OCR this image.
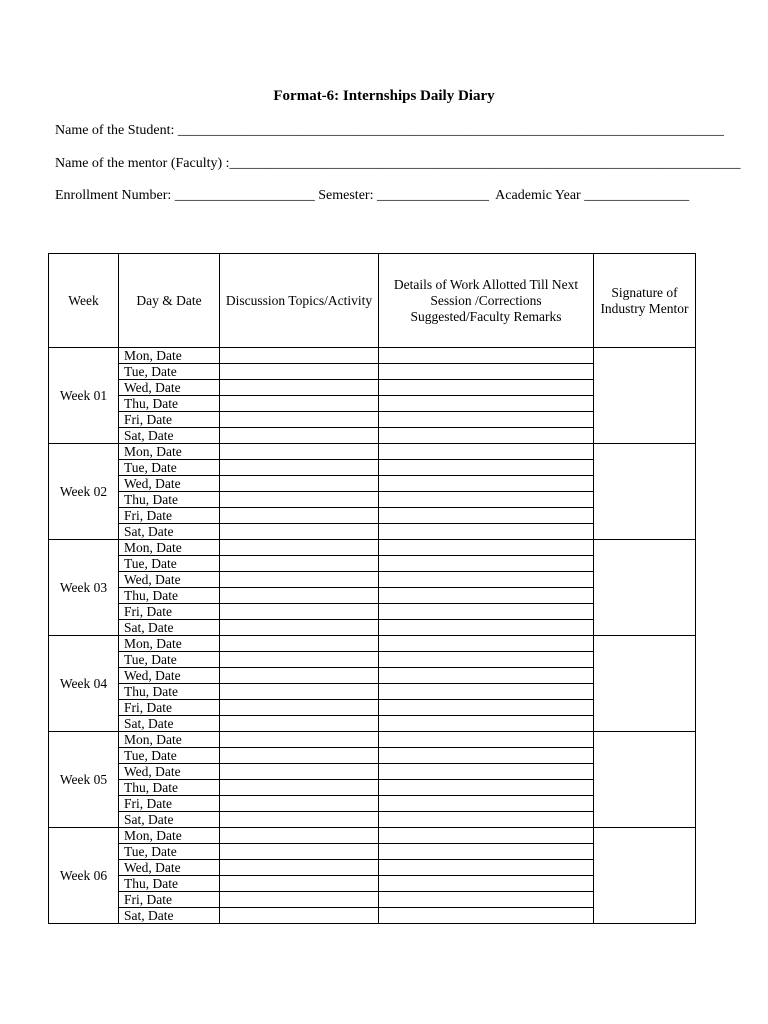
Format-6: Internships Daily Diary
Name of the Student: ______________________________________________________________________________
Name of the mentor (Faculty) :_________________________________________________________________________
Enrollment Number: ____________________ Semester: ________________  Academic Year _______________
Week	Day & Date	Discussion Topics/Activity	Details of Work Allotted Till Next Session /Corrections Suggested/Faculty Remarks	Signature of Industry Mentor
Week 01	Mon, Date			
	Tue, Date			
	Wed, Date			
	Thu, Date			
	Fri, Date			
	Sat, Date			
Week 02	Mon, Date			
	Tue, Date			
	Wed, Date			
	Thu, Date			
	Fri, Date			
	Sat, Date			
Week 03	Mon, Date			
	Tue, Date			
	Wed, Date			
	Thu, Date			
	Fri, Date			
	Sat, Date			
Week 04	Mon, Date			
	Tue, Date			
	Wed, Date			
	Thu, Date			
	Fri, Date			
	Sat, Date			
Week 05	Mon, Date			
	Tue, Date			
	Wed, Date			
	Thu, Date			
	Fri, Date			
	Sat, Date			
Week 06	Mon, Date			
	Tue, Date			
	Wed, Date			
	Thu, Date			
	Fri, Date			
	Sat, Date			
